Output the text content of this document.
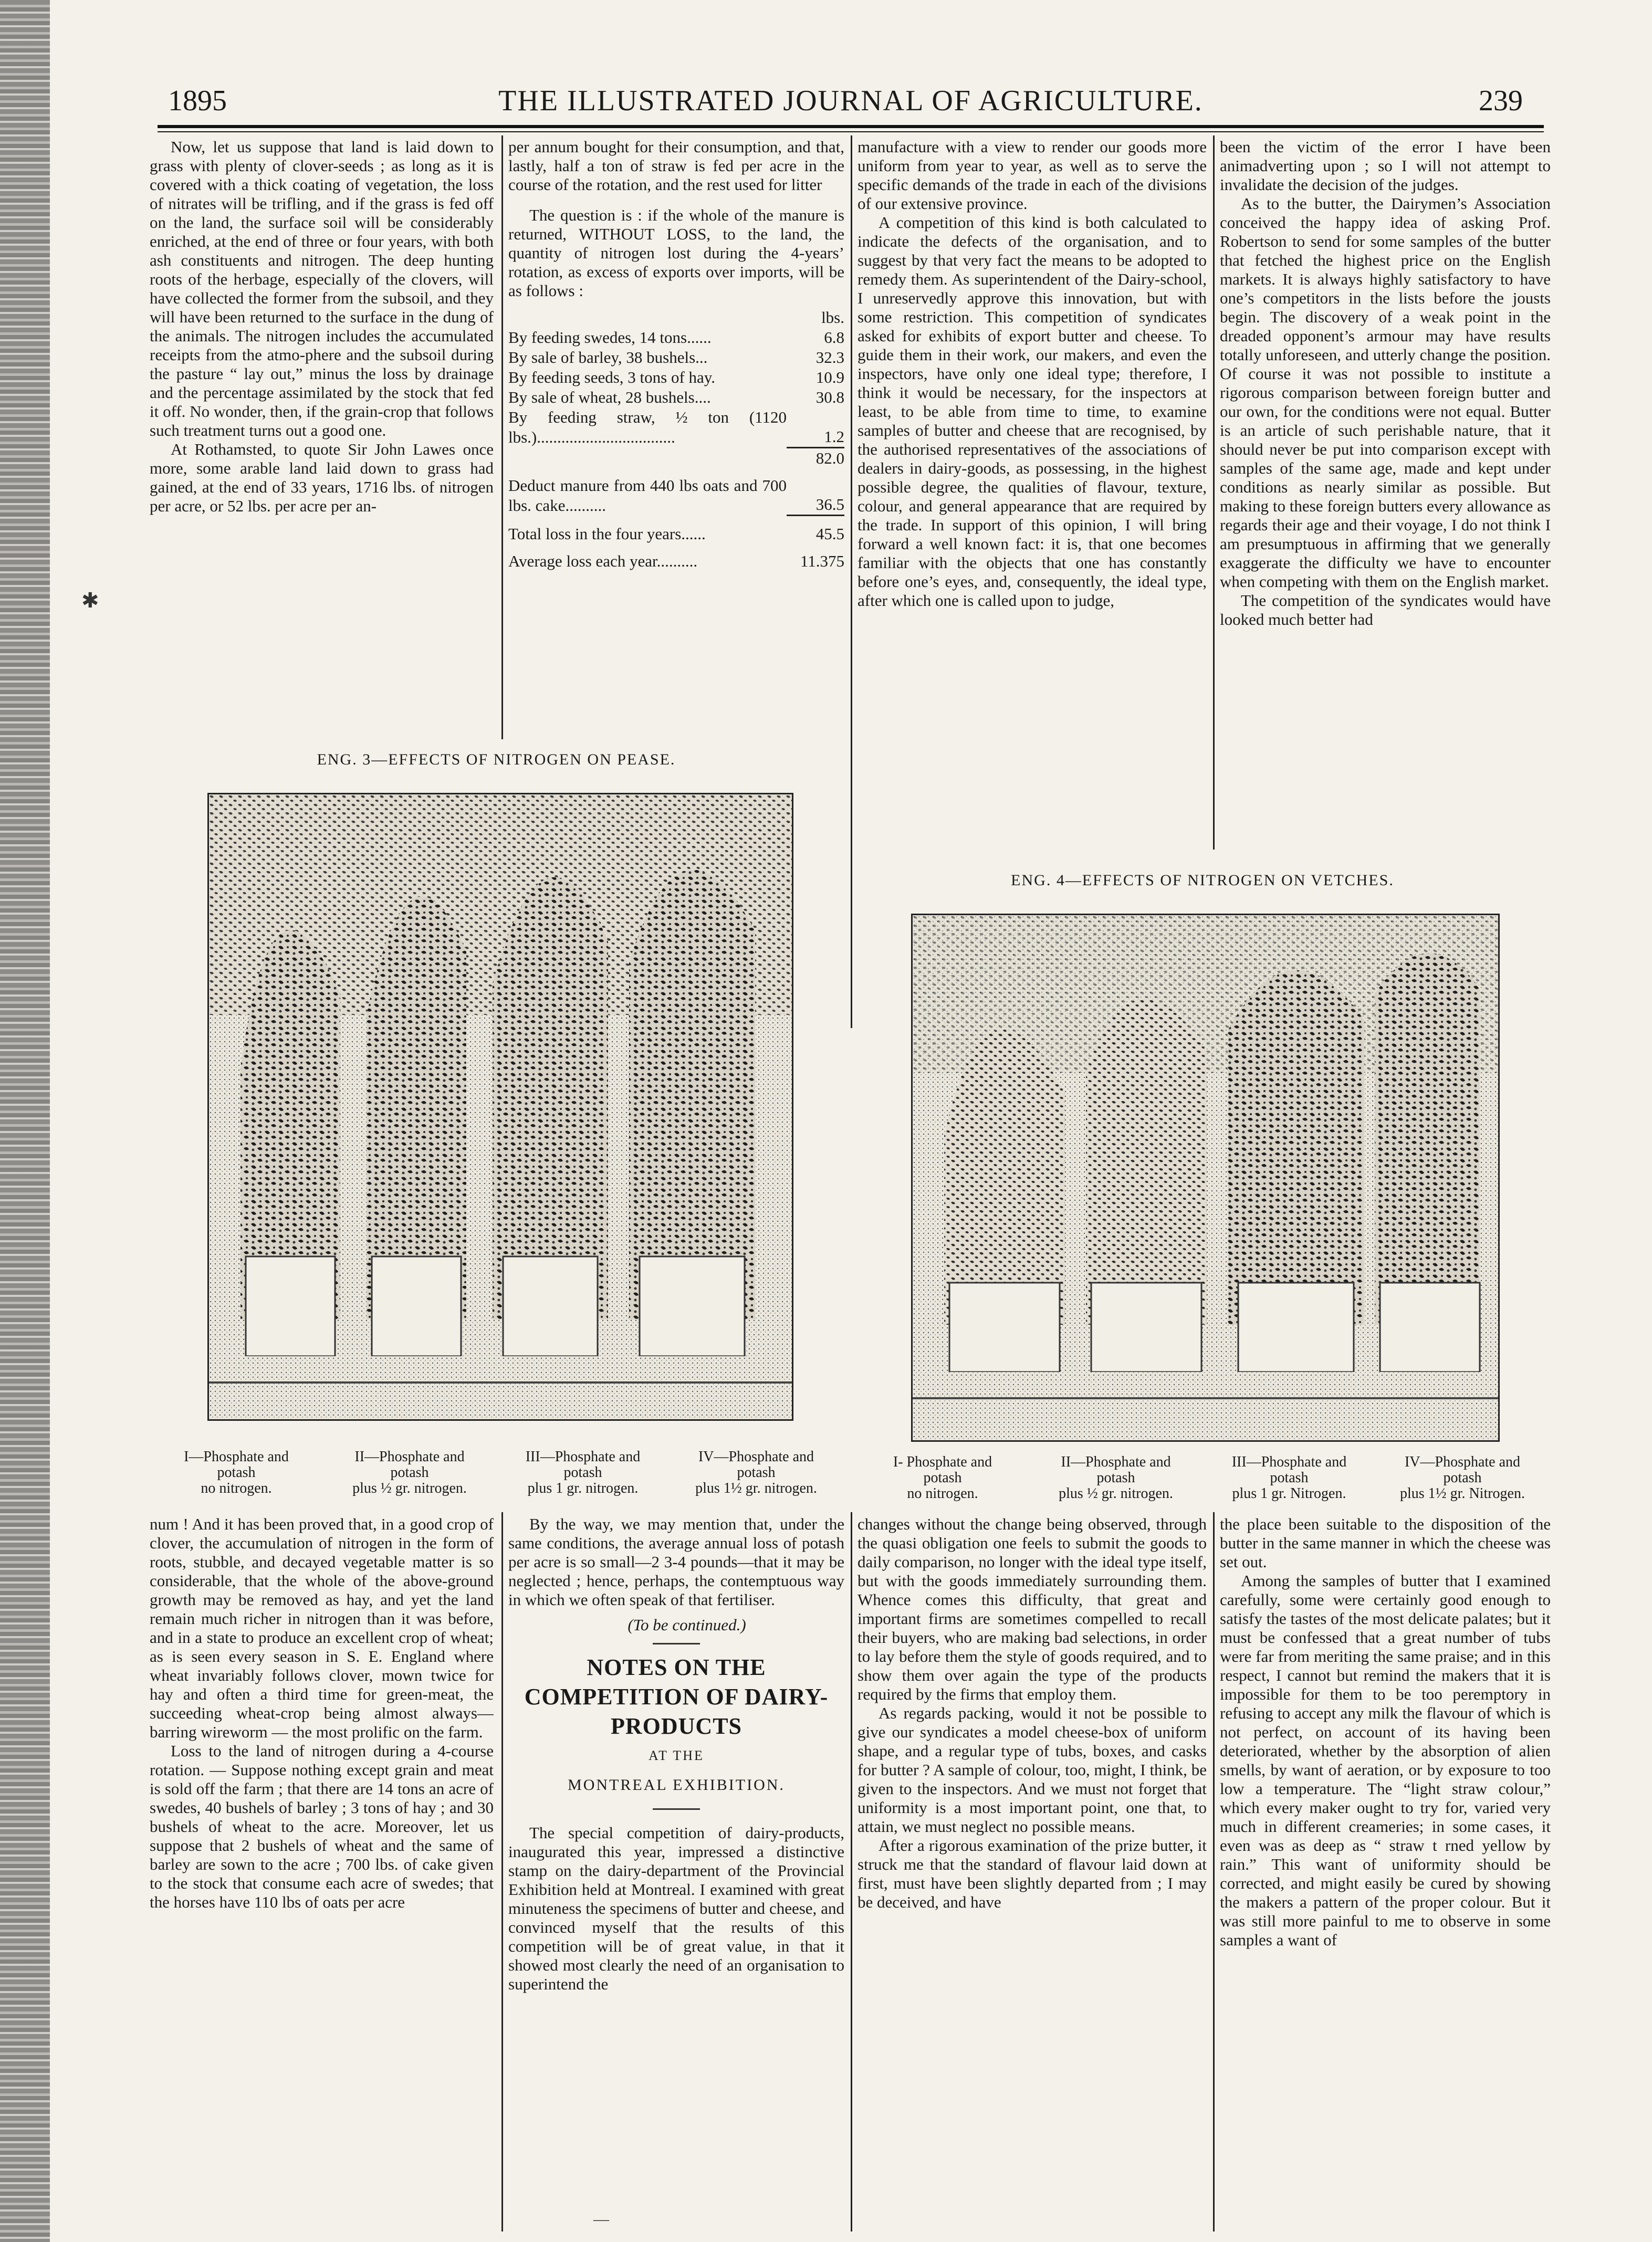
1895	THE ILLUSTRATED JOURNAL OF AGRICULTURE.	239

Now, let us suppose that land is laid down to grass with plenty of clover-seeds ; as long as it is covered with a thick coating of vegetation, the loss of nitrates will be trifling, and if the grass is fed off on the land, the surface soil will be considerably enriched, at the end of three or four years, with both ash constituents and nitrogen. The deep hunting roots of the herbage, especially of the clovers, will have collected the former from the subsoil, and they will have been returned to the surface in the dung of the animals. The nitrogen includes the accumulated receipts from the atmo-phere and the subsoil during the pasture “ lay out,” minus the loss by drainage and the percentage assimilated by the stock that fed it off. No wonder, then, if the grain-crop that follows such treatment turns out a good one.

At Rothamsted, to quote Sir John Lawes once more, some arable land laid down to grass had gained, at the end of 33 years, 1716 lbs. of nitrogen per acre, or 52 lbs. per acre per an-

per annum bought for their consumption, and that, lastly, half a ton of straw is fed per acre in the course of the rotation, and the rest used for litter

The question is : if the whole of the manure is returned, WITHOUT LOSS, to the land, the quantity of nitrogen lost during the 4-years’ rotation, as excess of exports over imports, will be as follows :

	lbs.
By feeding swedes, 14 tons......	6.8
By sale of barley, 38 bushels...	32.3
By feeding seeds, 3 tons of hay.	10.9
By sale of wheat, 28 bushels....	30.8
By feeding straw, ½ ton (1120 lbs.)..................................	1.2
	82.0
Deduct manure from 440 lbs oats and 700 lbs. cake..........	36.5
Total loss in the four years......	45.5
Average loss each year..........	11.375

manufacture with a view to render our goods more uniform from year to year, as well as to serve the specific demands of the trade in each of the divisions of our extensive province.

A competition of this kind is both calculated to indicate the defects of the organisation, and to suggest by that very fact the means to be adopted to remedy them. As superintendent of the Dairy-school, I unreservedly approve this innovation, but with some restriction. This competition of syndicates asked for exhibits of export butter and cheese. To guide them in their work, our makers, and even the inspectors, have only one ideal type; therefore, I think it would be necessary, for the inspectors at least, to be able from time to time, to examine samples of butter and cheese that are recognised, by the authorised representatives of the associations of dealers in dairy-goods, as possessing, in the highest possible degree, the qualities of flavour, texture, colour, and general appearance that are required by the trade. In support of this opinion, I will bring forward a well known fact: it is, that one becomes familiar with the objects that one has constantly before one’s eyes, and, consequently, the ideal type, after which one is called upon to judge,

been the victim of the error I have been animadverting upon ; so I will not attempt to invalidate the decision of the judges.

As to the butter, the Dairymen’s Association conceived the happy idea of asking Prof. Robertson to send for some samples of the butter that fetched the highest price on the English markets. It is always highly satisfactory to have one’s competitors in the lists before the jousts begin. The discovery of a weak point in the dreaded opponent’s armour may have results totally unforeseen, and utterly change the position. Of course it was not possible to institute a rigorous comparison between foreign butter and our own, for the conditions were not equal. Butter is an article of such perishable nature, that it should never be put into comparison except with samples of the same age, made and kept under conditions as nearly similar as possible. But making to these foreign butters every allowance as regards their age and their voyage, I do not think I am presumptuous in affirming that we generally exaggerate the difficulty we have to encounter when competing with them on the English market.

The competition of the syndicates would have looked much better had

ENG. 3—EFFECTS OF NITROGEN ON PEASE.
I—Phosphate and
potash
no nitrogen.
II—Phosphate and
potash
plus ½ gr. nitrogen.
III—Phosphate and
potash
plus 1 gr. nitrogen.
IV—Phosphate and
potash
plus 1½ gr. nitrogen.
ENG. 4—EFFECTS OF NITROGEN ON VETCHES.
I- Phosphate and
potash
no nitrogen.
II—Phosphate and
potash
plus ½ gr. nitrogen.
III—Phosphate and
potash
plus 1 gr. Nitrogen.
IV—Phosphate and
potash
plus 1½ gr. Nitrogen.

num ! And it has been proved that, in a good crop of clover, the accumulation of nitrogen in the form of roots, stubble, and decayed vegetable matter is so considerable, that the whole of the above-ground growth may be removed as hay, and yet the land remain much richer in nitrogen than it was before, and in a state to produce an excellent crop of wheat; as is seen every season in S. E. England where wheat invariably follows clover, mown twice for hay and often a third time for green-meat, the succeeding wheat-crop being almost always— barring wireworm — the most prolific on the farm.

Loss to the land of nitrogen during a 4-course rotation. — Suppose nothing except grain and meat is sold off the farm ; that there are 14 tons an acre of swedes, 40 bushels of barley ; 3 tons of hay ; and 30 bushels of wheat to the acre. Moreover, let us suppose that 2 bushels of wheat and the same of barley are sown to the acre ; 700 lbs. of cake given to the stock that consume each acre of swedes; that the horses have 110 lbs of oats per acre

By the way, we may mention that, under the same conditions, the average annual loss of potash per acre is so small—2 3-4 pounds—that it may be neglected ; hence, perhaps, the contemptuous way in which we often speak of that fertiliser.

(To be continued.)

NOTES ON THE COMPETITION OF DAIRY-PRODUCTS
AT THE
MONTREAL EXHIBITION.

The special competition of dairy-products, inaugurated this year, impressed a distinctive stamp on the dairy-department of the Provincial Exhibition held at Montreal. I examined with great minuteness the specimens of butter and cheese, and convinced myself that the results of this competition will be of great value, in that it showed most clearly the need of an organisation to superintend the

changes without the change being observed, through the quasi obligation one feels to submit the goods to daily comparison, no longer with the ideal type itself, but with the goods immediately surrounding them. Whence comes this difficulty, that great and important firms are sometimes compelled to recall their buyers, who are making bad selections, in order to lay before them the style of goods required, and to show them over again the type of the products required by the firms that employ them.

As regards packing, would it not be possible to give our syndicates a model cheese-box of uniform shape, and a regular type of tubs, boxes, and casks for butter ? A sample of colour, too, might, I think, be given to the inspectors. And we must not forget that uniformity is a most important point, one that, to attain, we must neglect no possible means.

After a rigorous examination of the prize butter, it struck me that the standard of flavour laid down at first, must have been slightly departed from ; I may be deceived, and have

the place been suitable to the disposition of the butter in the same manner in which the cheese was set out.

Among the samples of butter that I examined carefully, some were certainly good enough to satisfy the tastes of the most delicate palates; but it must be confessed that a great number of tubs were far from meriting the same praise; and in this respect, I cannot but remind the makers that it is impossible for them to be too peremptory in refusing to accept any milk the flavour of which is not perfect, on account of its having been deteriorated, whether by the absorption of alien smells, by want of aeration, or by exposure to too low a temperature. The “light straw colour,” which every maker ought to try for, varied very much in different creameries; in some cases, it even was as deep as “ straw t rned yellow by rain.” This want of uniformity should be corrected, and might easily be cured by showing the makers a pattern of the proper colour. But it was still more painful to me to observe in some samples a want of

✱
—
